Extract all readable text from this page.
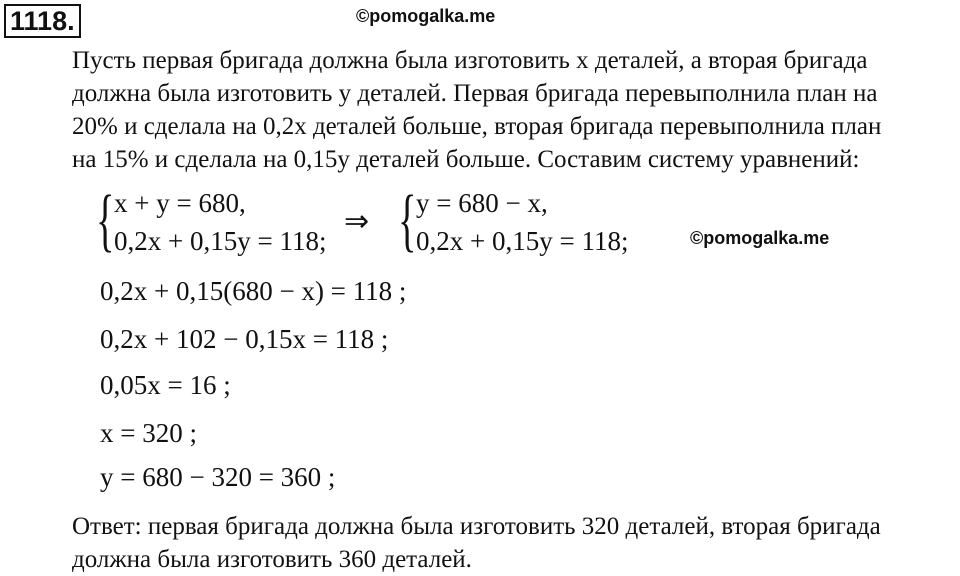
1118.	©pomogalka.me

Пусть первая бригада должна была изготовить x деталей, а вторая бригада

должна была изготовить y деталей. Первая бригада перевыполнила план на

20% и сделала на 0,2x деталей больше, вторая бригада перевыполнила план

на 15% и сделала на 0,15y деталей больше. Составим систему уравнений:

{ x + y = 680,
0,2x + 0,15y = 118;
⇒ { y = 680 − x,
0,2x + 0,15y = 118;	©pomogalka.me
0,2x + 0,15(680 − x) = 118 ;
0,2x + 102 − 0,15x = 118 ;
0,05x = 16 ;
x = 320 ;
y = 680 − 320 = 360 ;

Ответ: первая бригада должна была изготовить 320 деталей, вторая бригада

должна была изготовить 360 деталей.
